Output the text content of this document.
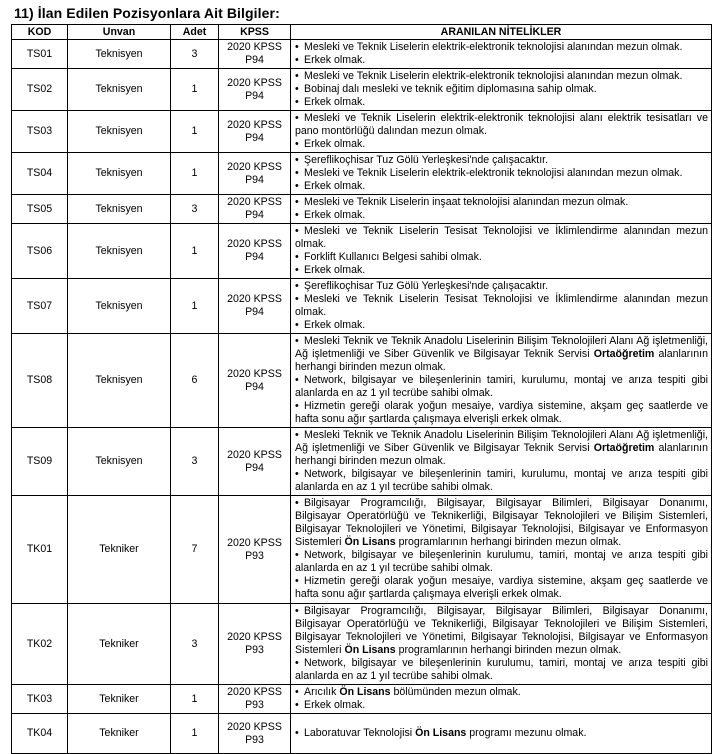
11) İlan Edilen Pozisyonlara Ait Bilgiler:
KOD	Unvan	Adet	KPSS	ARANILAN NİTELİKLER
TS01	Teknisyen	3	2020 KPSS
P94	• Mesleki ve Teknik Liselerin elektrik-elektronik teknolojisi alanından mezun olmak.
• Erkek olmak.

TS02	Teknisyen	1	2020 KPSS
P94	• Mesleki ve Teknik Liselerin elektrik-elektronik teknolojisi alanından mezun olmak.
• Bobinaj dalı mesleki ve teknik eğitim diplomasına sahip olmak.
• Erkek olmak.

TS03	Teknisyen	1	2020 KPSS
P94	• Mesleki ve Teknik Liselerin elektrik-elektronik teknolojisi alanı elektrik tesisatları ve pano montörlüğü dalından mezun olmak.
• Erkek olmak.

TS04	Teknisyen	1	2020 KPSS
P94	• Şereflikoçhisar Tuz Gölü Yerleşkesi'nde çalışacaktır.
• Mesleki ve Teknik Liselerin elektrik-elektronik teknolojisi alanından mezun olmak.
• Erkek olmak.

TS05	Teknisyen	3	2020 KPSS
P94	• Mesleki ve Teknik Liselerin inşaat teknolojisi alanından mezun olmak.
• Erkek olmak.

TS06	Teknisyen	1	2020 KPSS
P94	• Mesleki ve Teknik Liselerin Tesisat Teknolojisi ve İklimlendirme alanından mezun olmak.
• Forklift Kullanıcı Belgesi sahibi olmak.
• Erkek olmak.

TS07	Teknisyen	1	2020 KPSS
P94	• Şereflikoçhisar Tuz Gölü Yerleşkesi'nde çalışacaktır.
• Mesleki ve Teknik Liselerin Tesisat Teknolojisi ve İklimlendirme alanından mezun olmak.
• Erkek olmak.

TS08	Teknisyen	6	2020 KPSS
P94	• Mesleki Teknik ve Teknik Anadolu Liselerinin Bilişim Teknolojileri Alanı Ağ işletmenliği, Ağ işletmenliği ve Siber Güvenlik ve Bilgisayar Teknik Servisi Ortaöğretim alanlarının herhangi birinden mezun olmak.
• Network, bilgisayar ve bileşenlerinin tamiri, kurulumu, montaj ve arıza tespiti gibi alanlarda en az 1 yıl tecrübe sahibi olmak.
• Hizmetin gereği olarak yoğun mesaiye, vardiya sistemine, akşam geç saatlerde ve hafta sonu ağır şartlarda çalışmaya elverişli erkek olmak.

TS09	Teknisyen	3	2020 KPSS
P94	• Mesleki Teknik ve Teknik Anadolu Liselerinin Bilişim Teknolojileri Alanı Ağ işletmenliği, Ağ işletmenliği ve Siber Güvenlik ve Bilgisayar Teknik Servisi Ortaöğretim alanlarının herhangi birinden mezun olmak.
• Network, bilgisayar ve bileşenlerinin tamiri, kurulumu, montaj ve arıza tespiti gibi alanlarda en az 1 yıl tecrübe sahibi olmak.

TK01	Tekniker	7	2020 KPSS
P93	• Bilgisayar Programcılığı, Bilgisayar, Bilgisayar Bilimleri, Bilgisayar Donanımı, Bilgisayar Operatörlüğü ve Teknikerliği, Bilgisayar Teknolojileri ve Bilişim Sistemleri, Bilgisayar Teknolojileri ve Yönetimi, Bilgisayar Teknolojisi, Bilgisayar ve Enformasyon Sistemleri Ön Lisans programlarının herhangi birinden mezun olmak.
• Network, bilgisayar ve bileşenlerinin kurulumu, tamiri, montaj ve arıza tespiti gibi alanlarda en az 1 yıl tecrübe sahibi olmak.
• Hizmetin gereği olarak yoğun mesaiye, vardiya sistemine, akşam geç saatlerde ve hafta sonu ağır şartlarda çalışmaya elverişli erkek olmak.

TK02	Tekniker	3	2020 KPSS
P93	• Bilgisayar Programcılığı, Bilgisayar, Bilgisayar Bilimleri, Bilgisayar Donanımı, Bilgisayar Operatörlüğü ve Teknikerliği, Bilgisayar Teknolojileri ve Bilişim Sistemleri, Bilgisayar Teknolojileri ve Yönetimi, Bilgisayar Teknolojisi, Bilgisayar ve Enformasyon Sistemleri Ön Lisans programlarının herhangi birinden mezun olmak.
• Network, bilgisayar ve bileşenlerinin kurulumu, tamiri, montaj ve arıza tespiti gibi alanlarda en az 1 yıl tecrübe sahibi olmak.

TK03	Tekniker	1	2020 KPSS
P93	• Arıcılık Ön Lisans bölümünden mezun olmak.
• Erkek olmak.

TK04	Tekniker	1	2020 KPSS
P93	• Laboratuvar Teknolojisi Ön Lisans programı mezunu olmak.
